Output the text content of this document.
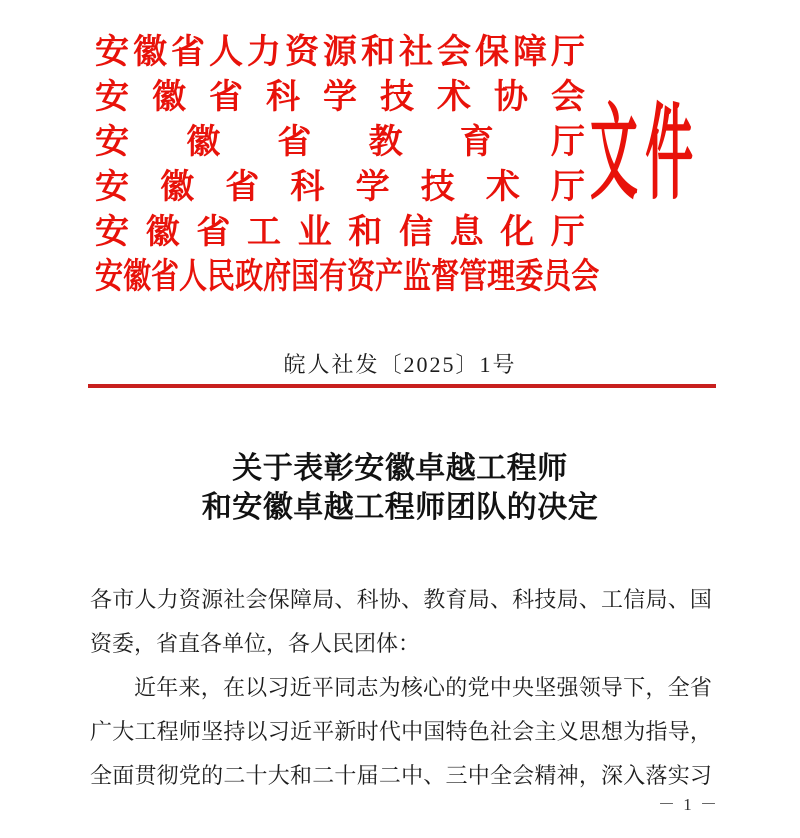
安 徽 省 人 力 资 源 和 社 会 保 障 厅
安 徽 省 科 学 技 术 协 会
安 徽 省 教 育 厅
安 徽 省 科 学 技 术 厅
安 徽 省 工 业 和 信 息 化 厅
安 徽 省 人 民 政 府 国 有 资 产 监 督 管 理 委 员 会
文件
皖人社发〔2025〕1号
关于表彰安徽卓越工程师
和安徽卓越工程师团队的决定
各 市 人 力 资 源 社 会 保 障 局 、 科 协 、 教 育 局 、 科 技 局 、 工 信 局 、 国
资委，省直各单位，各人民团体：
近 年 来 ， 在 以 习 近 平 同 志 为 核 心 的 党 中 央 坚 强 领 导 下 ， 全 省
广 大 工 程 师 坚 持 以 习 近 平 新 时 代 中 国 特 色 社 会 主 义 思 想 为 指 导 ，
全 面 贯 彻 党 的 二 十 大 和 二 十 届 二 中 、 三 中 全 会 精 神 ， 深 入 落 实 习
－ 1 －
